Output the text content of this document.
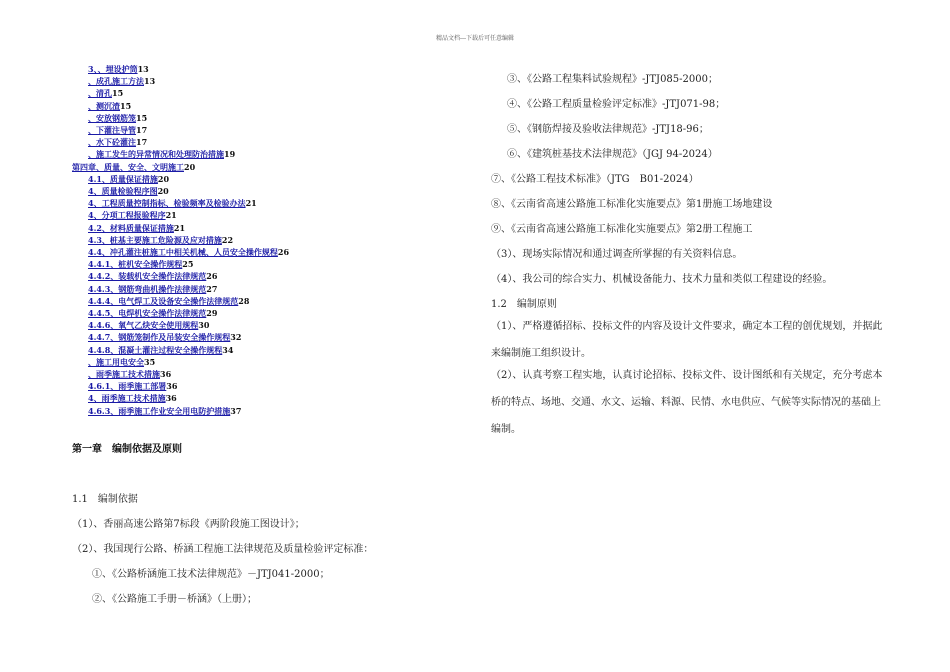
精品文档---下载后可任意编辑
3、、埋设护筒13
、成孔施工方法13
、清孔15
、测沉渣15
、安放钢筋笼15
、下灌注导管17
、水下砼灌注17
、施工发生的异常情况和处理防治措施19
第四章、质量、安全、文明施工20
4.1、质量保证措施20
4、质量检验程序图20
4、工程质量控制指标、检验频率及检验办法21
4、分项工程报验程序21
4.2、材料质量保证措施21
4.3、桩基主要施工危险源及应对措施22
4.4、冲孔灌注桩施工中相关机械、人员安全操作规程26
4.4.1、桩机安全操作规程25
4.4.2、装载机安全操作法律规范26
4.4.3、钢筋弯曲机操作法律规范27
4.4.4、电气焊工及设备安全操作法律规范28
4.4.5、电焊机安全操作法律规范29
4.4.6、氧气乙炔安全使用规程30
4.4.7、钢筋笼制作及吊装安全操作规程32
4.4.8、混凝土灌注过程安全操作规程34
、施工用电安全35
、雨季施工技术措施36
4.6.1、雨季施工部署36
4、雨季施工技术措施36
4.6.3、雨季施工作业安全用电防护措施37
第一章　编制依据及原则
1.1　编制依据
（1）、香丽高速公路第7标段《两阶段施工图设计》；
（2）、我国现行公路、桥涵工程施工法律规范及质量检验评定标准：
①、《公路桥涵施工技术法律规范》－JTJ041-2000；
②、《公路施工手册－桥涵》（上册）；
③、《公路工程集料试验规程》-JTJ085-2000；
④、《公路工程质量检验评定标准》-JTJ071-98；
⑤、《钢筋焊接及验收法律规范》-JTJ18-96；
⑥、《建筑桩基技术法律规范》（JGJ 94-2024）
⑦、《公路工程技术标准》（JTG　B01-2024）
⑧、《云南省高速公路施工标准化实施要点》第1册施工场地建设
⑨、《云南省高速公路施工标准化实施要点》第2册工程施工
（3）、现场实际情况和通过调查所掌握的有关资料信息。
（4）、我公司的综合实力、机械设备能力、技术力量和类似工程建设的经验。
1.2　编制原则
（1）、严格遵循招标、投标文件的内容及设计文件要求，确定本工程的创优规划，并据此来编制施工组织设计。
（2）、认真考察工程实地，认真讨论招标、投标文件、设计图纸和有关规定，充分考虑本桥的特点、场地、交通、水文、运输、料源、民情、水电供应、气候等实际情况的基础上编制。
